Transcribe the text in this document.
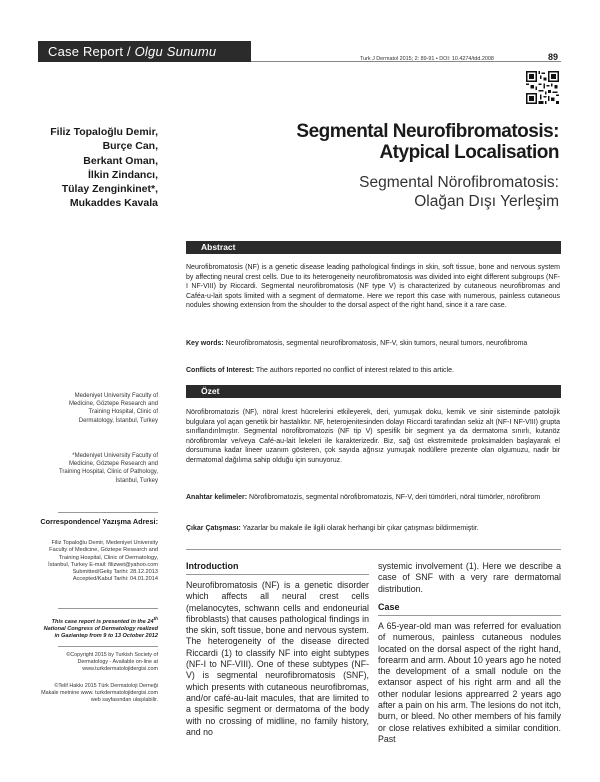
Case Report / Olgu Sunumu	Turk J Dermatol 2015; 2: 89-91 • DOI: 10.4274/tdd.2008	89
Filiz Topaloğlu Demir,
Burçe Can,
Berkant Oman,
İlkin Zindancı,
Tülay Zenginkinet*,
Mukaddes Kavala
Segmental Neurofibromatosis:
Atypical Localisation
Segmental Nörofibromatosis:
Olağan Dışı Yerleşim
Abstract
Neurofibromatosis (NF) is a genetic disease leading pathological findings in skin, soft tissue, bone and nervous system by affecting neural crest cells. Due to its heterogeneity neurofibromatosis was divided into eight different subgroups (NF-I NF-VIII) by Riccardi. Segmental neurofibromatosis (NF type V) is characterized by cutaneous neurofibromas and Caféa-u-lait spots limited with a segment of dermatome. Here we report this case with numerous, painless cutaneous nodules showing extension from the shoulder to the dorsal aspect of the right hand, since it a rare case.
Key words: Neurofibromatosis, segmental neurofibromatosis, NF-V, skin tumors, neural tumors, neurofibroma
Conflicts of Interest: The authors reported no conflict of interest related to this article.
Özet
Nörofibromatozis (NF), nöral krest hücrelerini etkileyerek, deri, yumuşak doku, kemik ve sinir sisteminde patolojik bulgulara yol açan genetik bir hastalıktır. NF, heterojenitesinden dolayı Riccardi tarafından sekiz alt (NF-I NF-VIII) grupta sınıflandırılmıştır. Segmental nörofibromatozis (NF tip V) spesifik bir segment ya da dermatoma sınırlı, kutanöz nörofibromlar ve/veya Café-au-lait lekeleri ile karakterizedir. Biz, sağ üst ekstremitede proksimalden başlayarak el dorsumuna kadar lineer uzanım gösteren, çok sayıda ağrısız yumuşak nodüllere prezente olan olgumuzu, nadir bir dermatomal dağılıma sahip olduğu için sunuyoruz.
Anahtar kelimeler: Nörofibromatozis, segmental nörofibromatozis, NF-V, deri tümörleri, nöral tümörler, nörofibrom
Çıkar Çatışması: Yazarlar bu makale ile ilgili olarak herhangi bir çıkar çatışması bildirmemiştir.
Medeniyet University Faculty of Medicine, Göztepe Research and Training Hospital, Clinic of Dermatology, İstanbul, Turkey
*Medeniyet University Faculty of Medicine, Göztepe Research and Training Hospital, Clinic of Pathology, İstanbul, Turkey
Correspondence/ Yazışma Adresi:
Filiz Topaloğlu Demir, Medeniyet University Faculty of Medicine, Göztepe Research and Training Hospital, Clinic of Dermatology, İstanbul, Turkey E-mail: filizwet@yahoo.com Submitted/Geliş Tarihi: 28.12.2013 Accepted/Kabul Tarihi: 04.01.2014
This case report is presented in the 24th National Congress of Dermatology realized in Gaziantep from 9 to 13 October 2012
©Copyright 2015 by Turkish Society of Dermatology - Available on-line at www.turkdermatolojidergisi.com
©Telif Hakkı 2015 Türk Dermatoloji Derneği Makale metnine www. turkdermatolojidergisi.com web sayfasından ulaşılabilir.
Introduction
Neurofibromatosis (NF) is a genetic disorder which affects all neural crest cells (melanocytes, schwann cells and endoneurial fibroblasts) that causes pathological findings in the skin, soft tissue, bone and nervous system. The heterogeneity of the disease directed Riccardi (1) to classify NF into eight subtypes (NF-I to NF-VIII). One of these subtypes (NF-V) is segmental neurofibromatosis (SNF), which presents with cutaneous neurofibromas, and/or café-au-lait macules, that are limited to a spesific segment or dermatoma of the body with no crossing of midline, no family history, and no
systemic involvement (1). Here we describe a case of SNF with a very rare dermatomal distribution.
Case
A 65-year-old man was referred for evaluation of numerous, painless cutaneous nodules located on the dorsal aspect of the right hand, forearm and arm. About 10 years ago he noted the development of a small nodule on the extansor aspect of his right arm and all the other nodular lesions apprearred 2 years ago after a pain on his arm. The lesions do not itch, burn, or bleed. No other members of his family or close relatives exhibited a similar condition. Past
